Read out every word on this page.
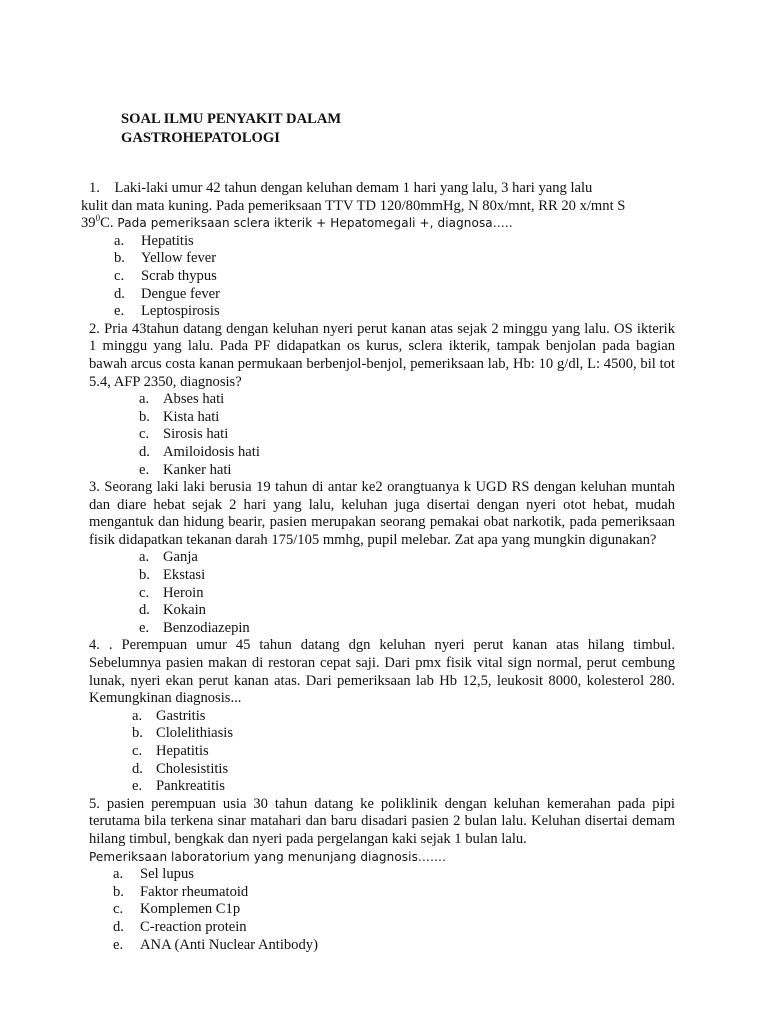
SOAL ILMU PENYAKIT DALAM
GASTROHEPATOLOGI

1.    Laki-laki umur 42 tahun dengan keluhan demam 1 hari yang lalu, 3 hari yang lalu

kulit dan mata kuning. Pada pemeriksaan TTV TD 120/80mmHg, N 80x/mnt, RR 20 x/mnt S

$39^0C$. Pada pemeriksaan sclera ikterik + Hepatomegali +, diagnosa…..

a. Hepatitis
b. Yellow fever
c. Scrab thypus
d. Dengue fever
e. Leptospirosis

2. Pria 43tahun datang dengan keluhan nyeri perut kanan atas sejak 2 minggu yang lalu. OS ikterik 1 minggu yang lalu. Pada PF didapatkan os kurus, sclera ikterik, tampak benjolan pada bagian bawah arcus costa kanan permukaan berbenjol-benjol, pemeriksaan lab, Hb: 10 g/dl, L: 4500, bil tot 5.4, AFP 2350, diagnosis?

a. Abses hati
b. Kista hati
c. Sirosis hati
d. Amiloidosis hati
e. Kanker hati

3. Seorang laki laki berusia 19 tahun di antar ke2 orangtuanya k UGD RS dengan keluhan muntah dan diare hebat sejak 2 hari yang lalu, keluhan juga disertai dengan nyeri otot hebat, mudah mengantuk dan hidung bearir, pasien merupakan seorang pemakai obat narkotik, pada pemeriksaan fisik didapatkan tekanan darah 175/105 mmhg, pupil melebar. Zat apa yang mungkin digunakan?

a. Ganja
b. Ekstasi
c. Heroin
d. Kokain
e. Benzodiazepin

4. . Perempuan umur 45 tahun datang dgn keluhan nyeri perut kanan atas hilang timbul. Sebelumnya pasien makan di restoran cepat saji. Dari pmx fisik vital sign normal, perut cembung lunak, nyeri ekan perut kanan atas. Dari pemeriksaan lab Hb 12,5, leukosit 8000, kolesterol 280. Kemungkinan diagnosis...

a. Gastritis
b. Clolelithiasis
c. Hepatitis
d. Cholesistitis
e. Pankreatitis

5. pasien perempuan usia 30 tahun datang ke poliklinik dengan keluhan kemerahan pada pipi terutama bila terkena sinar matahari dan baru disadari pasien 2 bulan lalu. Keluhan disertai demam hilang timbul, bengkak dan nyeri pada pergelangan kaki sejak 1 bulan lalu.

Pemeriksaan laboratorium yang menunjang diagnosis…….

a. Sel lupus
b. Faktor rheumatoid
c. Komplemen C1p
d. C-reaction protein
e. ANA (Anti Nuclear Antibody)
